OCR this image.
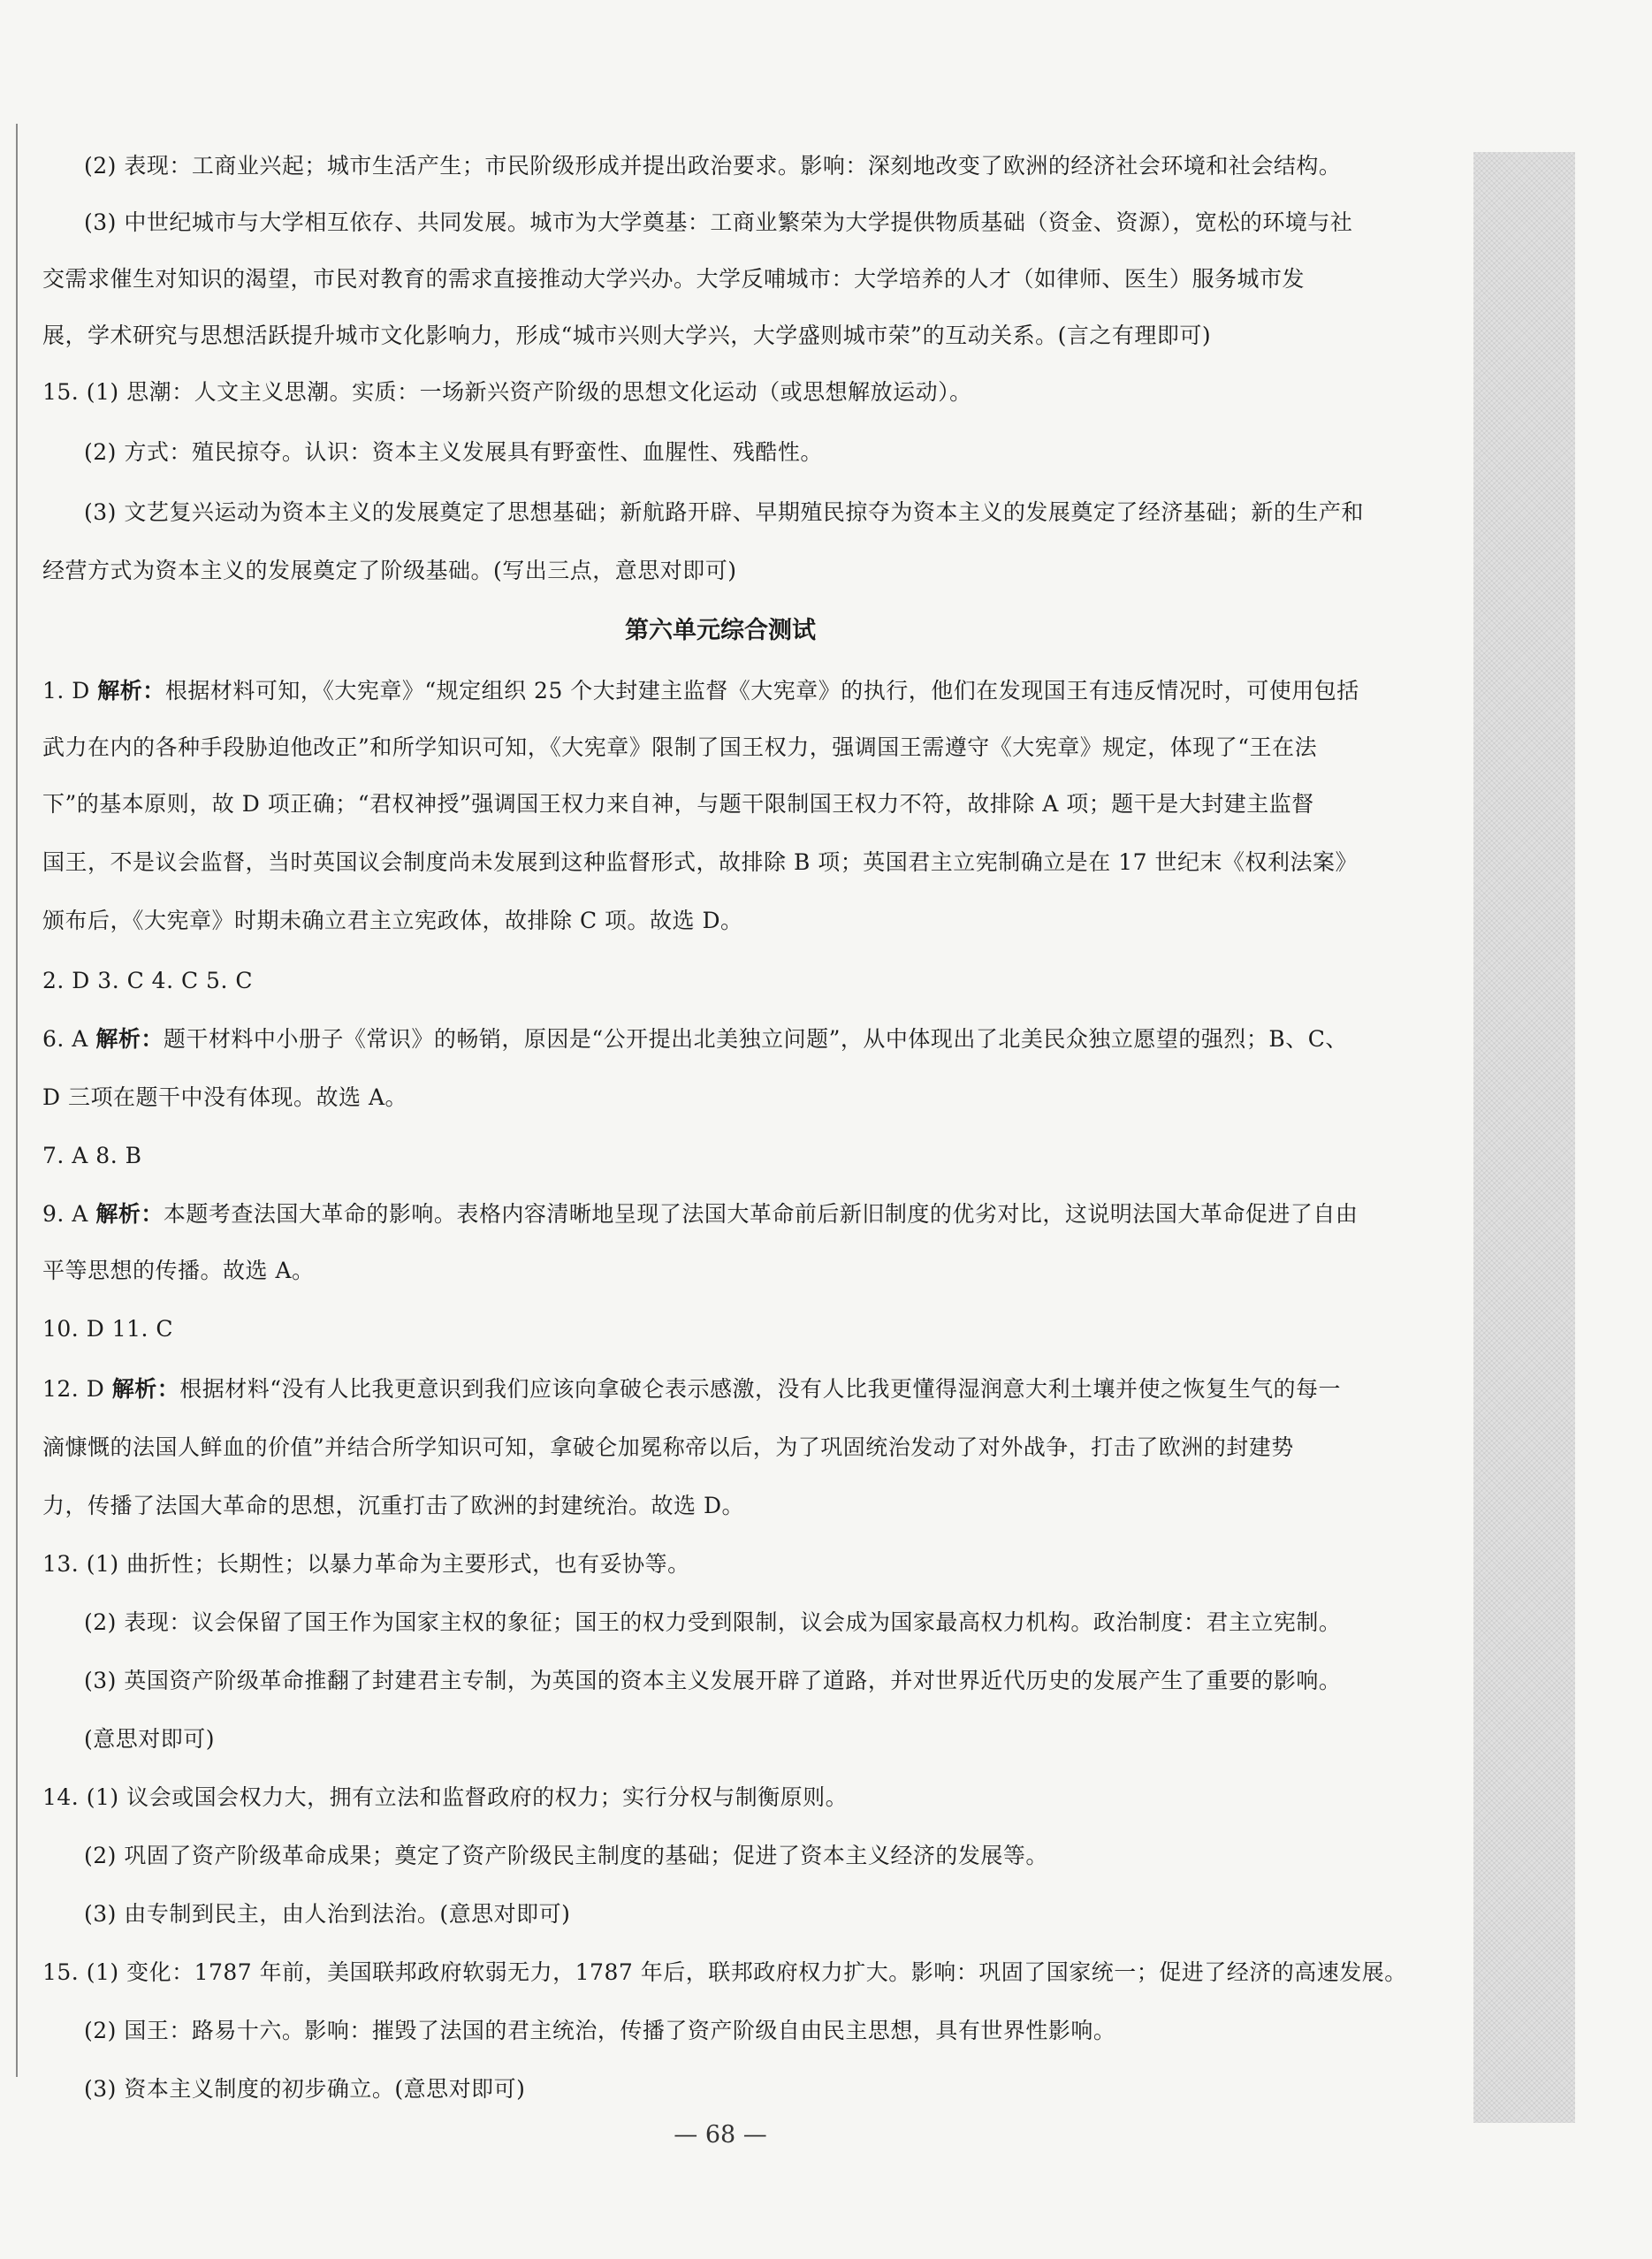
(2) 表现：工商业兴起；城市生活产生；市民阶级形成并提出政治要求。影响：深刻地改变了欧洲的经济社会环境和社会结构。
(3) 中世纪城市与大学相互依存、共同发展。城市为大学奠基：工商业繁荣为大学提供物质基础（资金、资源），宽松的环境与社
交需求催生对知识的渴望，市民对教育的需求直接推动大学兴办。大学反哺城市：大学培养的人才（如律师、医生）服务城市发
展，学术研究与思想活跃提升城市文化影响力，形成“城市兴则大学兴，大学盛则城市荣”的互动关系。(言之有理即可)
15. (1) 思潮：人文主义思潮。实质：一场新兴资产阶级的思想文化运动（或思想解放运动）。
(2) 方式：殖民掠夺。认识：资本主义发展具有野蛮性、血腥性、残酷性。
(3) 文艺复兴运动为资本主义的发展奠定了思想基础；新航路开辟、早期殖民掠夺为资本主义的发展奠定了经济基础；新的生产和
经营方式为资本主义的发展奠定了阶级基础。(写出三点，意思对即可)
第六单元综合测试
1. D 解析：根据材料可知，《大宪章》“规定组织 25 个大封建主监督《大宪章》的执行，他们在发现国王有违反情况时，可使用包括
武力在内的各种手段胁迫他改正”和所学知识可知，《大宪章》限制了国王权力，强调国王需遵守《大宪章》规定，体现了“王在法
下”的基本原则，故 D 项正确；“君权神授”强调国王权力来自神，与题干限制国王权力不符，故排除 A 项；题干是大封建主监督
国王，不是议会监督，当时英国议会制度尚未发展到这种监督形式，故排除 B 项；英国君主立宪制确立是在 17 世纪末《权利法案》
颁布后，《大宪章》时期未确立君主立宪政体，故排除 C 项。故选 D。
2. D 3. C 4. C 5. C
6. A 解析：题干材料中小册子《常识》的畅销，原因是“公开提出北美独立问题”，从中体现出了北美民众独立愿望的强烈；B、C、
D 三项在题干中没有体现。故选 A。
7. A 8. B
9. A 解析：本题考查法国大革命的影响。表格内容清晰地呈现了法国大革命前后新旧制度的优劣对比，这说明法国大革命促进了自由
平等思想的传播。故选 A。
10. D 11. C
12. D 解析：根据材料“没有人比我更意识到我们应该向拿破仑表示感激，没有人比我更懂得湿润意大利土壤并使之恢复生气的每一
滴慷慨的法国人鲜血的价值”并结合所学知识可知，拿破仑加冕称帝以后，为了巩固统治发动了对外战争，打击了欧洲的封建势
力，传播了法国大革命的思想，沉重打击了欧洲的封建统治。故选 D。
13. (1) 曲折性；长期性；以暴力革命为主要形式，也有妥协等。
(2) 表现：议会保留了国王作为国家主权的象征；国王的权力受到限制，议会成为国家最高权力机构。政治制度：君主立宪制。
(3) 英国资产阶级革命推翻了封建君主专制，为英国的资本主义发展开辟了道路，并对世界近代历史的发展产生了重要的影响。
(意思对即可)
14. (1) 议会或国会权力大，拥有立法和监督政府的权力；实行分权与制衡原则。
(2) 巩固了资产阶级革命成果；奠定了资产阶级民主制度的基础；促进了资本主义经济的发展等。
(3) 由专制到民主，由人治到法治。(意思对即可)
15. (1) 变化：1787 年前，美国联邦政府软弱无力，1787 年后，联邦政府权力扩大。影响：巩固了国家统一；促进了经济的高速发展。
(2) 国王：路易十六。影响：摧毁了法国的君主统治，传播了资产阶级自由民主思想，具有世界性影响。
(3) 资本主义制度的初步确立。(意思对即可)
— 68 —
